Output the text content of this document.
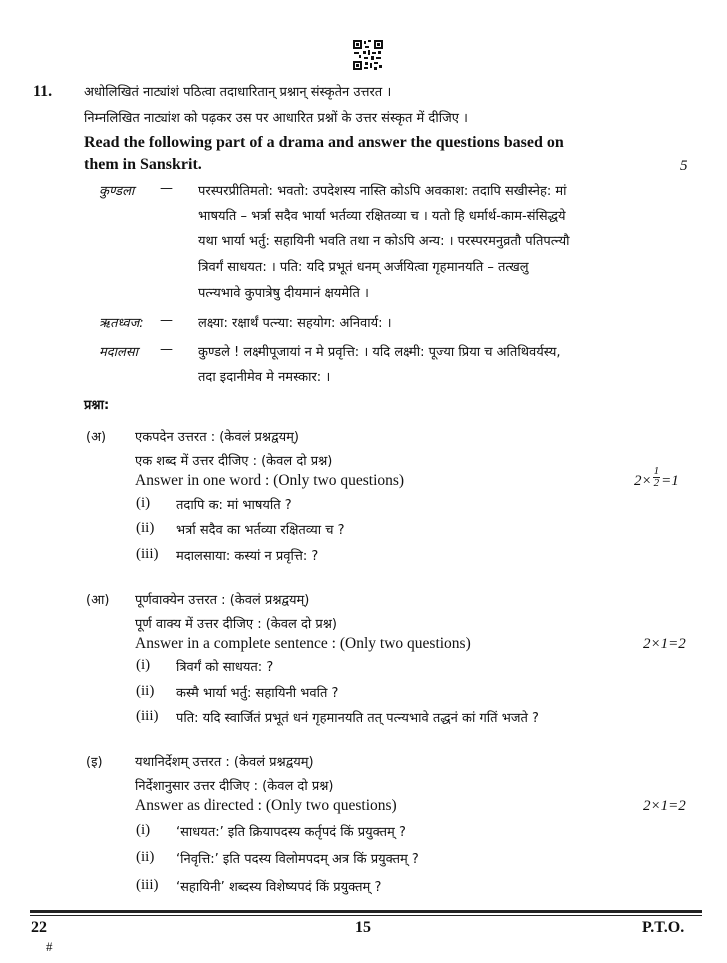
11. अधोलिखितं नाट्यांशं पठित्वा तदाधारितान् प्रश्नान् संस्कृतेन उत्तरत ।
निम्नलिखित नाट्यांश को पढ़कर उस पर आधारित प्रश्नों के उत्तर संस्कृत में दीजिए ।
Read the following part of a drama and answer the questions based on
them in Sanskrit.	5
कुण्डला — परस्परप्रीतिमतो: भवतो: उपदेशस्य नास्ति कोऽपि अवकाश: तदापि सखीस्नेह: मां
भाषयति – भर्त्रा सदैव भार्या भर्तव्या रक्षितव्या च । यतो हि धर्मार्थ-काम-संसिद्धये
यथा भार्या भर्तु: सहायिनी भवति तथा न कोऽपि अन्य: । परस्परमनुव्रतौ पतिपत्न्यौ
त्रिवर्गं साधयत: । पति: यदि प्रभूतं धनम् अर्जयित्वा गृहमानयति – तत्खलु
पत्न्यभावे कुपात्रेषु दीयमानं क्षयमेति ।
ऋतध्वज: — लक्ष्या: रक्षार्थं पत्न्या: सहयोग: अनिवार्य: ।
मदालसा — कुण्डले ! लक्ष्मीपूजायां न मे प्रवृत्ति: । यदि लक्ष्मी: पूज्या प्रिया च अतिथिवर्यस्य,
तदा इदानीमेव मे नमस्कार: ।
प्रश्ना:
(अ) एकपदेन उत्तरत : (केवलं प्रश्नद्वयम्)
एक शब्द में उत्तर दीजिए : (केवल दो प्रश्न)
Answer in one word : (Only two questions)	$2\times \frac{1}{2} =1$
(i) तदापि क: मां भाषयति ?
(ii) भर्त्रा सदैव का भर्तव्या रक्षितव्या च ?
(iii) मदालसाया: कस्यां न प्रवृत्ति: ?
(आ) पूर्णवाक्येन उत्तरत : (केवलं प्रश्नद्वयम्)
पूर्ण वाक्य में उत्तर दीजिए : (केवल दो प्रश्न)
Answer in a complete sentence : (Only two questions)	2×1=2
(i) त्रिवर्गं को साधयत: ?
(ii) कस्मै भार्या भर्तु: सहायिनी भवति ?
(iii) पति: यदि स्वार्जितं प्रभूतं धनं गृहमानयति तत् पत्न्यभावे तद्धनं कां गतिं भजते ?
(इ) यथानिर्देशम् उत्तरत : (केवलं प्रश्नद्वयम्)
निर्देशानुसार उत्तर दीजिए : (केवल दो प्रश्न)
Answer as directed : (Only two questions)	2×1=2
(i) ‘साधयत:’ इति क्रियापदस्य कर्तृपदं किं प्रयुक्तम् ?
(ii) ‘निवृत्ति:’ इति पदस्य विलोमपदम् अत्र किं प्रयुक्तम् ?
(iii) ‘सहायिनी’ शब्दस्य विशेष्यपदं किं प्रयुक्तम् ?
22
#
15	P.T.O.
